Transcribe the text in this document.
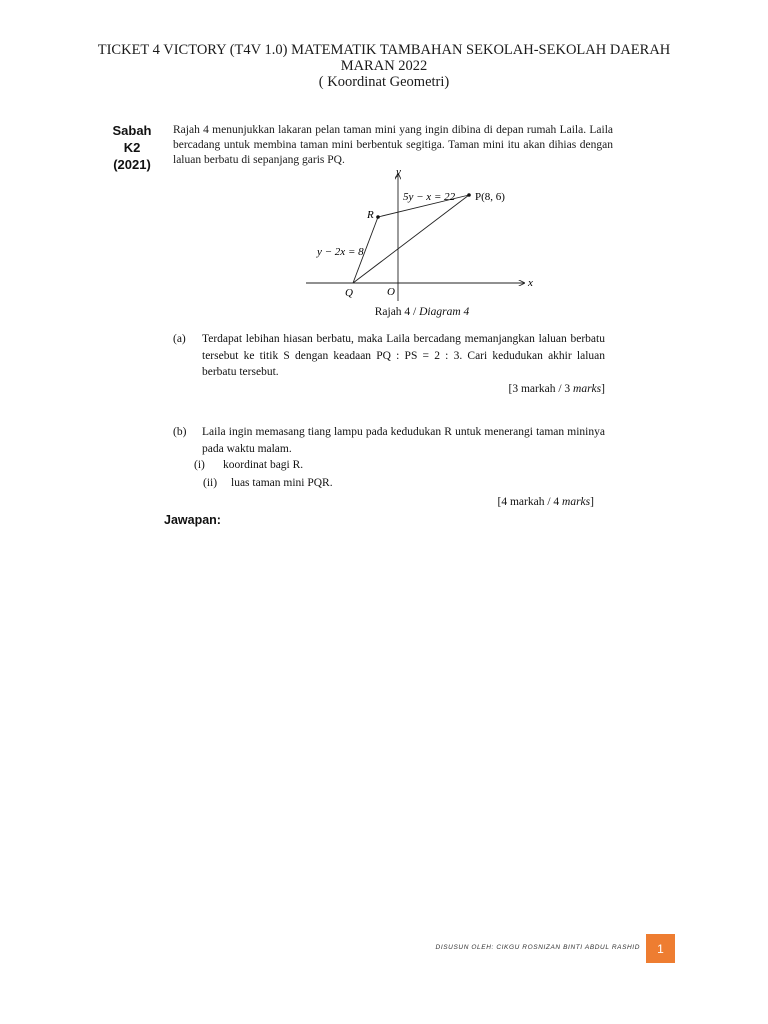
TICKET 4 VICTORY (T4V 1.0) MATEMATIK TAMBAHAN SEKOLAH-SEKOLAH DAERAH
MARAN 2022
( Koordinat Geometri)
Sabah
K2
(2021)
Rajah 4 menunjukkan lakaran pelan taman mini yang ingin dibina di depan rumah Laila. Laila bercadang untuk membina taman mini berbentuk segitiga. Taman mini itu akan dihias dengan laluan berbatu di sepanjang garis PQ.
y
x
5y − x = 22 P(8, 6)
R
y − 2x = 8
Q	O
Rajah 4 / Diagram 4
(a) Terdapat lebihan hiasan berbatu, maka Laila bercadang memanjangkan laluan berbatu tersebut ke titik S dengan keadaan PQ : PS = 2 : 3. Cari kedudukan akhir laluan berbatu tersebut.
[3 markah / 3 marks]
(b) Laila ingin memasang tiang lampu pada kedudukan R untuk menerangi taman mininya pada waktu malam.
(i) koordinat bagi R.
(ii) luas taman mini PQR.
[4 markah / 4 marks]
Jawapan:
DISUSUN OLEH: CIKGU ROSNIZAN BINTI ABDUL RASHID	1
